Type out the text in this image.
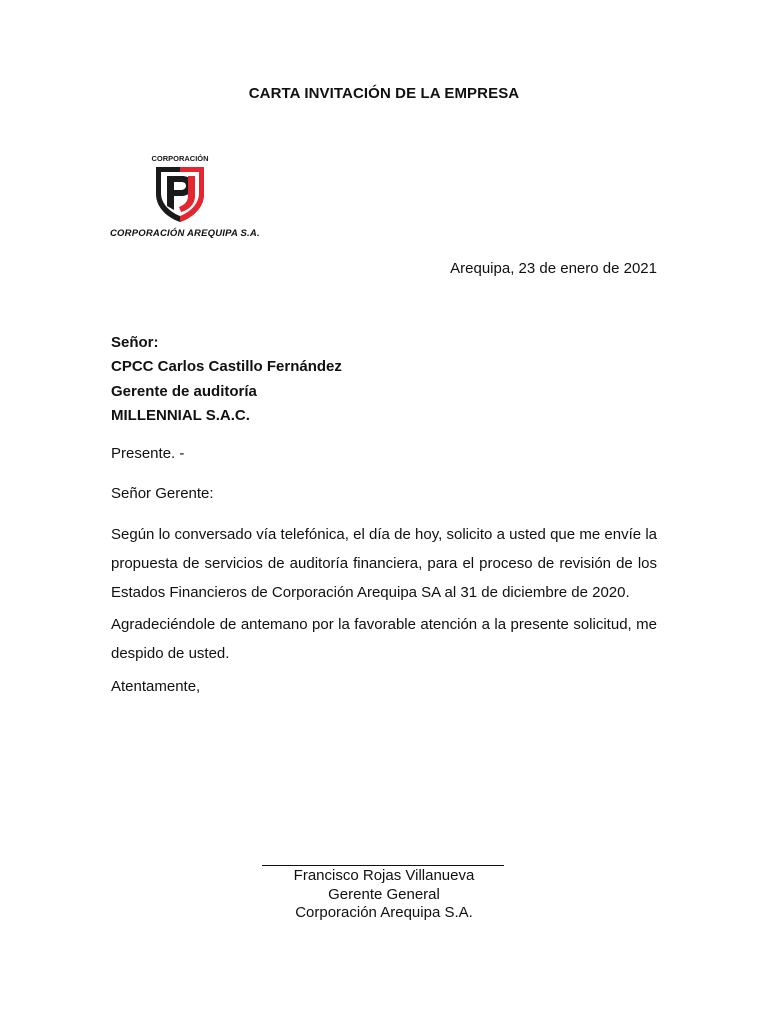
CARTA INVITACIÓN DE LA EMPRESA
CORPORACIÓN
CORPORACIÓN AREQUIPA S.A.
Arequipa, 23 de enero de 2021
Señor:
CPCC Carlos Castillo Fernández
Gerente de auditoría
MILLENNIAL S.A.C.
Presente. -
Señor Gerente:
Según lo conversado vía telefónica, el día de hoy, solicito a usted que me envíe la propuesta de servicios de auditoría financiera, para el proceso de revisión de los Estados Financieros de Corporación Arequipa SA al 31 de diciembre de 2020.
Agradeciéndole de antemano por la favorable atención a la presente solicitud, me despido de usted.
Atentamente,
Francisco Rojas Villanueva
Gerente General
Corporación Arequipa S.A.
